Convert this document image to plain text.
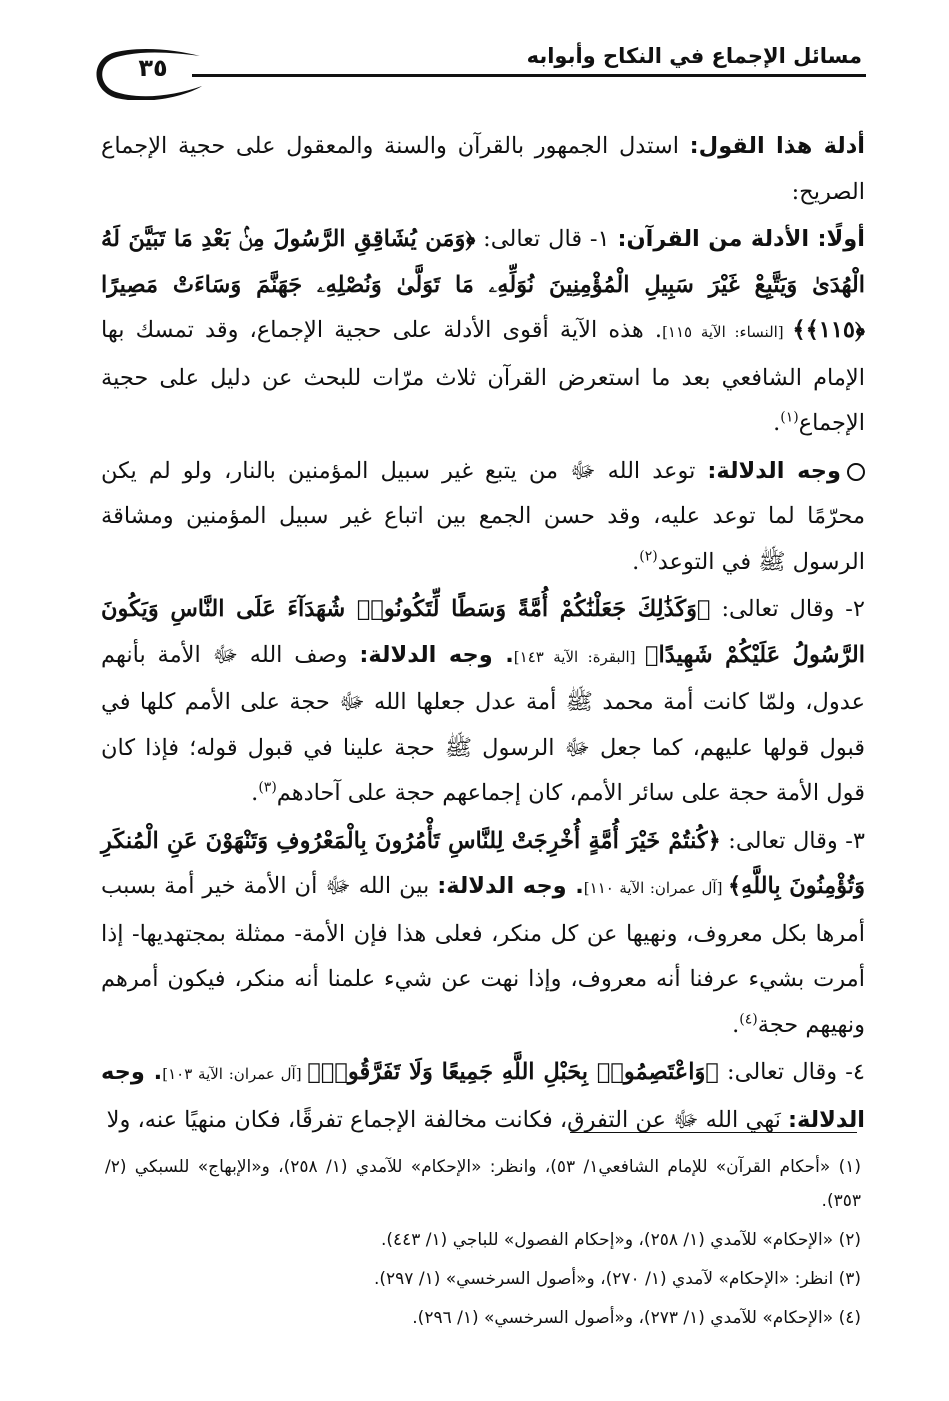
مسائل الإجماع في النكاح وأبوابه
٣٥

أدلة هذا القول: استدل الجمهور بالقرآن والسنة والمعقول على حجية الإجماع الصريح:

أولًا: الأدلة من القرآن: ١- قال تعالى: ﴿وَمَن يُشَاقِقِ الرَّسُولَ مِنۢ بَعْدِ مَا تَبَيَّنَ لَهُ الْهُدَىٰ وَيَتَّبِعْ غَيْرَ سَبِيلِ الْمُؤْمِنِينَ نُوَلِّهِۦ مَا تَوَلَّىٰ وَنُصْلِهِۦ جَهَنَّمَ وَسَاءَتْ مَصِيرًا ﴿١١٥﴾﴾ [النساء: الآية ١١٥]. هذه الآية أقوى الأدلة على حجية الإجماع، وقد تمسك بها الإمام الشافعي بعد ما استعرض القرآن ثلاث مرّات للبحث عن دليل على حجية الإجماع$^{(١)}$.

وجه الدلالة: توعد الله ﷻ من يتبع غير سبيل المؤمنين بالنار، ولو لم يكن محرّمًا لما توعد عليه، وقد حسن الجمع بين اتباع غير سبيل المؤمنين ومشاقة الرسول ﷺ في التوعد$^{(٢)}$.

٢- وقال تعالى: ﴿وَكَذَٰلِكَ جَعَلْنَٰكُمْ أُمَّةً وَسَطًا لِّتَكُونُوا۟ شُهَدَآءَ عَلَى النَّاسِ وَيَكُونَ الرَّسُولُ عَلَيْكُمْ شَهِيدًا﴾ [البقرة: الآية ١٤٣]. وجه الدلالة: وصف الله ﷻ الأمة بأنهم عدول، ولمّا كانت أمة محمد ﷺ أمة عدل جعلها الله ﷻ حجة على الأمم كلها في قبول قولها عليهم، كما جعل ﷻ الرسول ﷺ حجة علينا في قبول قوله؛ فإذا كان قول الأمة حجة على سائر الأمم، كان إجماعهم حجة على آحادهم$^{(٣)}$.

٣- وقال تعالى: ﴿كُنتُمْ خَيْرَ أُمَّةٍ أُخْرِجَتْ لِلنَّاسِ تَأْمُرُونَ بِالْمَعْرُوفِ وَتَنْهَوْنَ عَنِ الْمُنكَرِ وَتُؤْمِنُونَ بِاللَّهِ﴾ [آل عمران: الآية ١١٠]. وجه الدلالة: بين الله ﷻ أن الأمة خير أمة بسبب أمرها بكل معروف، ونهيها عن كل منكر، فعلى هذا فإن الأمة- ممثلة بمجتهديها- إذا أمرت بشيء عرفنا أنه معروف، وإذا نهت عن شيء علمنا أنه منكر، فيكون أمرهم ونهيهم حجة$^{(٤)}$.

٤- وقال تعالى: ﴿وَاعْتَصِمُوا۟ بِحَبْلِ اللَّهِ جَمِيعًا وَلَا تَفَرَّقُوا۟﴾ [آل عمران: الآية ١٠٣]. وجه الدلالة: نَهي الله ﷻ عن التفرق، فكانت مخالفة الإجماع تفرقًا، فكان منهيًا عنه، ولا

(١) «أحكام القرآن» للإمام الشافعي١/ ٥٣)، وانظر: «الإحكام» للآمدي (١/ ٢٥٨)، و«الإبهاج» للسبكي (٢/ ٣٥٣).

(٢) «الإحكام» للآمدي (١/ ٢٥٨)، و«إحكام الفصول» للباجي (١/ ٤٤٣).

(٣) انظر: «الإحكام» لآمدي (١/ ٢٧٠)، و«أصول السرخسي» (١/ ٢٩٧).

(٤) «الإحكام» للآمدي (١/ ٢٧٣)، و«أصول السرخسي» (١/ ٢٩٦).
